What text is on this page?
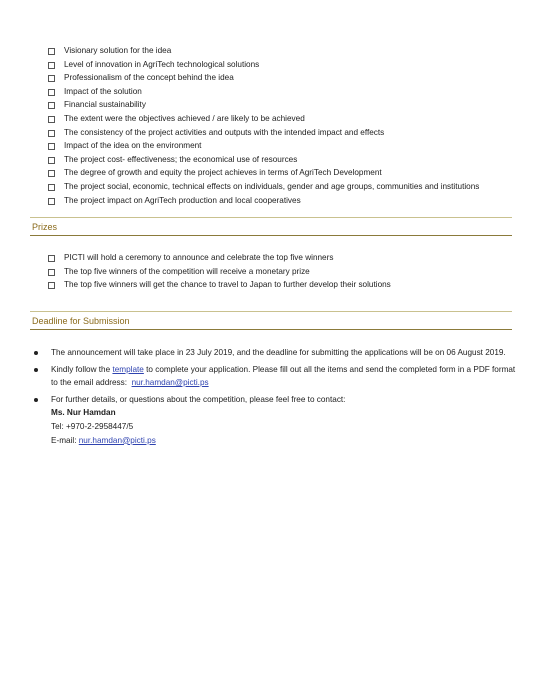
Visionary solution for the idea
Level of innovation in AgriTech technological solutions
Professionalism of the concept behind the idea
Impact of the solution
Financial sustainability
The extent were the objectives achieved / are likely to be achieved
The consistency of the project activities and outputs with the intended impact and effects
Impact of the idea on the environment
The project cost- effectiveness; the economical use of resources
The degree of growth and equity the project achieves in terms of AgriTech Development
The project social, economic, technical effects on individuals, gender and age groups, communities and institutions
The project impact on AgriTech production and local cooperatives
Prizes
PICTI will hold a ceremony to announce and celebrate the top five winners
The top five winners of the competition will receive a monetary prize
The top five winners will get the chance to travel to Japan to further develop their solutions
Deadline for Submission
The announcement will take place in 23 July 2019, and the deadline for submitting the applications will be on 06 August 2019.
Kindly follow the template to complete your application. Please fill out all the items and send the completed form in a PDF format to the email address:  nur.hamdan@picti.ps
For further details, or questions about the competition, please feel free to contact:
Ms. Nur Hamdan
Tel: +970-2-2958447/5
E-mail: nur.hamdan@picti.ps
